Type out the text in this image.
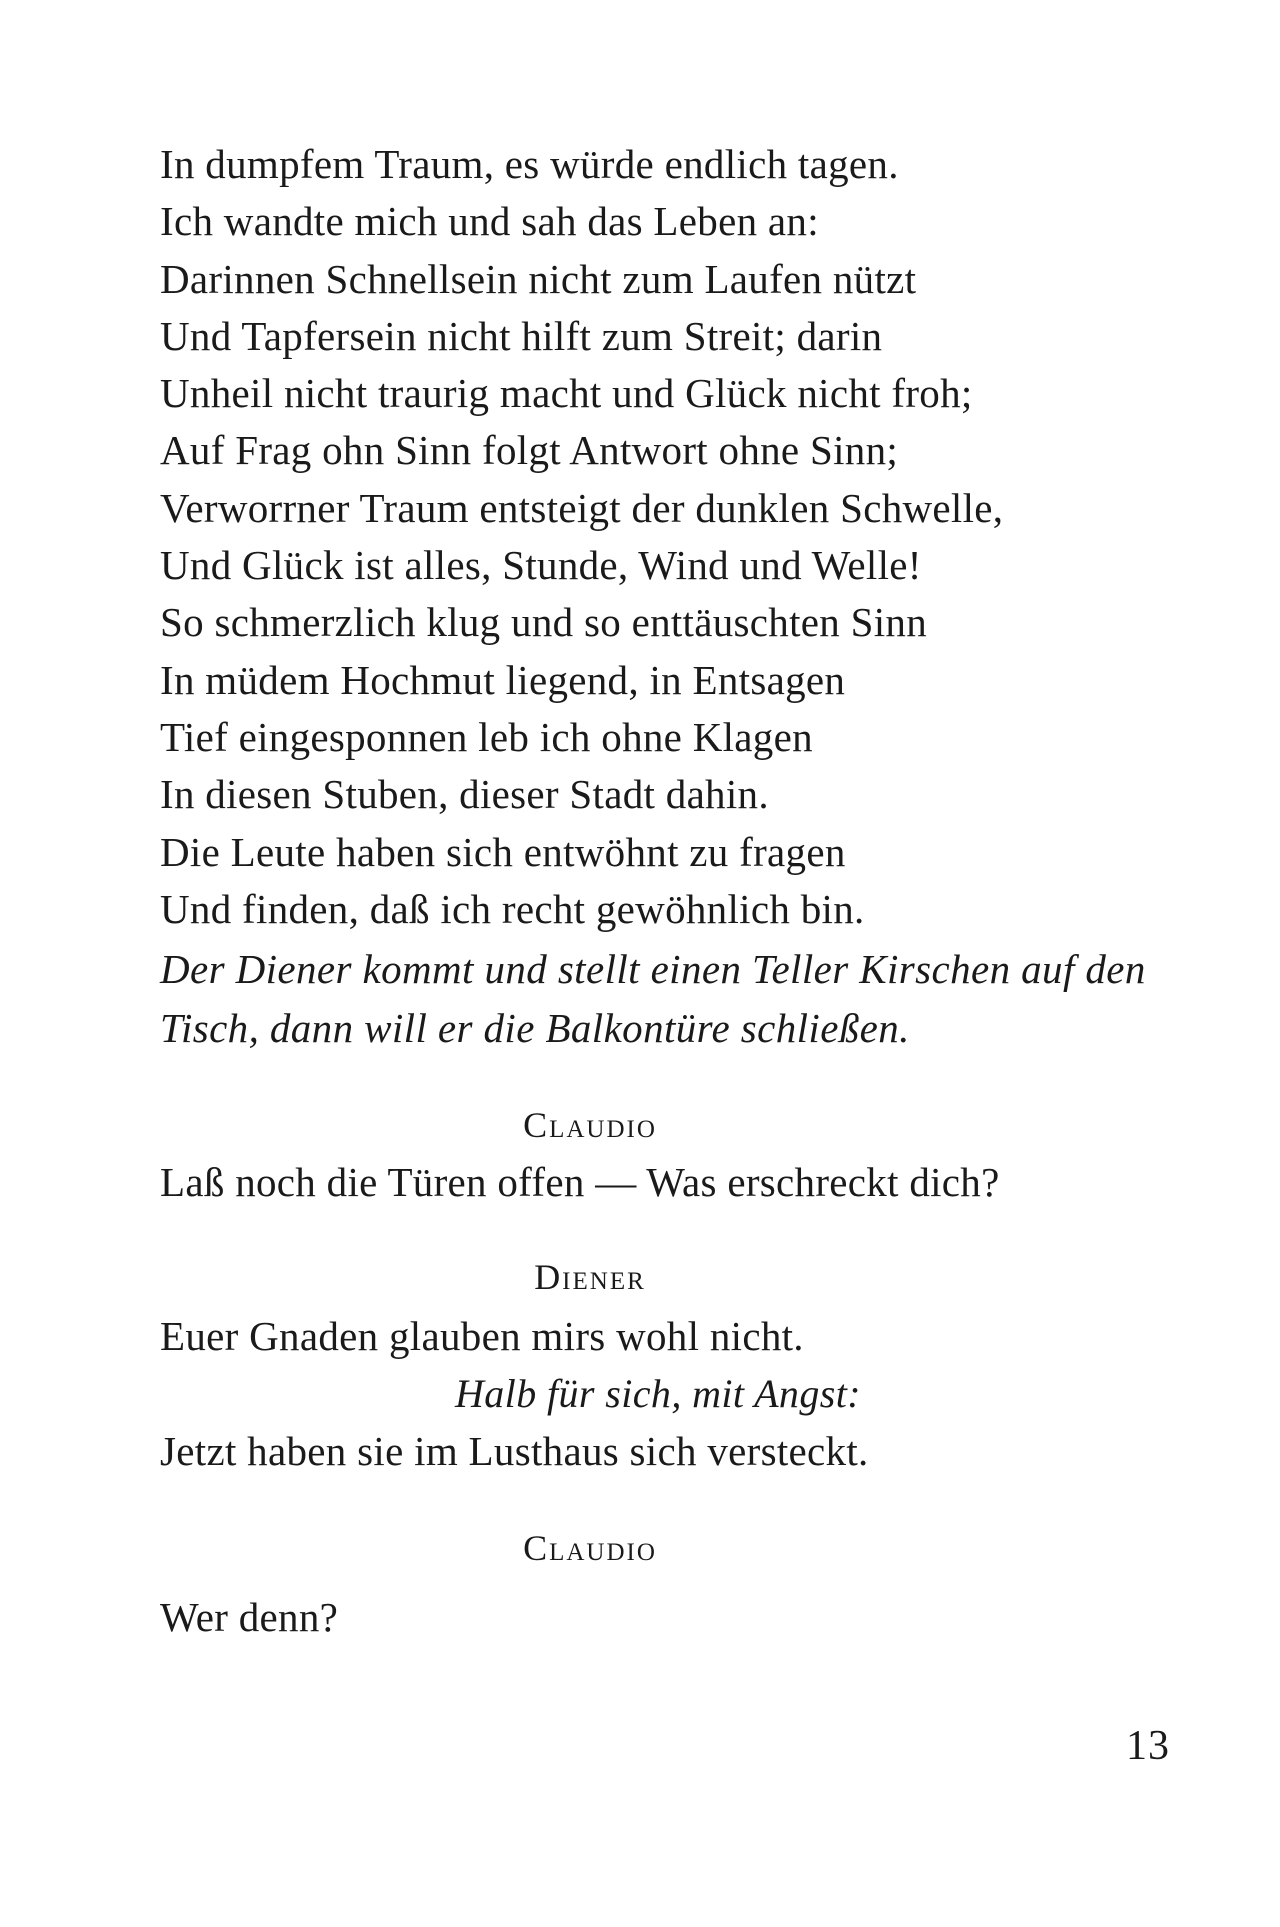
In dumpfem Traum, es würde endlich tagen.
Ich wandte mich und sah das Leben an:
Darinnen Schnellsein nicht zum Laufen nützt
Und Tapfersein nicht hilft zum Streit; darin
Unheil nicht traurig macht und Glück nicht froh;
Auf Frag ohn Sinn folgt Antwort ohne Sinn;
Verworrner Traum entsteigt der dunklen Schwelle,
Und Glück ist alles, Stunde, Wind und Welle!
So schmerzlich klug und so enttäuschten Sinn
In müdem Hochmut liegend, in Entsagen
Tief eingesponnen leb ich ohne Klagen
In diesen Stuben, dieser Stadt dahin.
Die Leute haben sich entwöhnt zu fragen
Und finden, daß ich recht gewöhnlich bin.
Der Diener kommt und stellt einen Teller Kirschen auf den
Tisch, dann will er die Balkontüre schließen.
Claudio
Laß noch die Türen offen — Was erschreckt dich?
Diener
Euer Gnaden glauben mirs wohl nicht.
Halb für sich, mit Angst:
Jetzt haben sie im Lusthaus sich versteckt.
Claudio
Wer denn?
13
